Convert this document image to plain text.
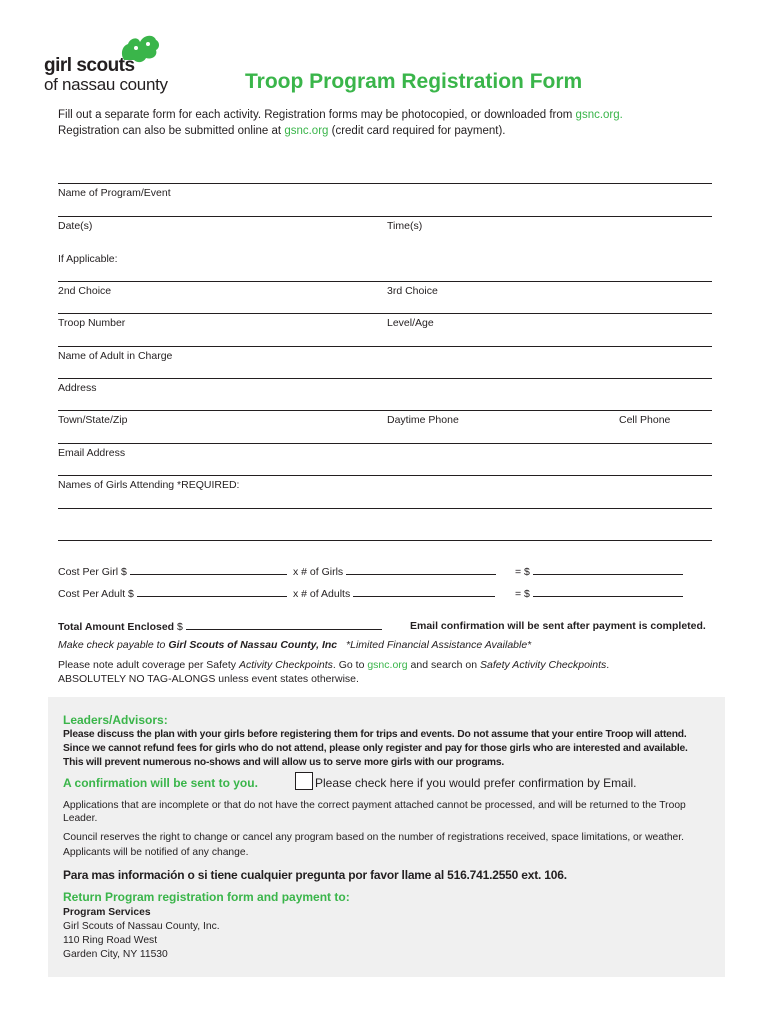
girl scouts
of nassau county	Troop Program Registration Form
Fill out a separate form for each activity. Registration forms may be photocopied, or downloaded from gsnc.org.
Registration can also be submitted online at gsnc.org (credit card required for payment).
Name of Program/Event
Date(s)	Time(s)
If Applicable:
2nd Choice	3rd Choice
Troop Number	Level/Age
Name of Adult in Charge
Address
Town/State/Zip	Daytime Phone	Cell Phone
Email Address
Names of Girls Attending *REQUIRED:
Cost Per Girl $	x # of Girls	= $
Cost Per Adult $	x # of Adults	= $
Total Amount Enclosed $	Email confirmation will be sent after payment is completed.
Make check payable to Girl Scouts of Nassau County, Inc *Limited Financial Assistance Available*
Please note adult coverage per Safety Activity Checkpoints. Go to gsnc.org and search on Safety Activity Checkpoints.
ABSOLUTELY NO TAG-ALONGS unless event states otherwise.
Leaders/Advisors:
Please discuss the plan with your girls before registering them for trips and events. Do not assume that your entire Troop will attend.
Since we cannot refund fees for girls who do not attend, please only register and pay for those girls who are interested and available.
This will prevent numerous no-shows and will allow us to serve more girls with our programs.
A confirmation will be sent to you.	Please check here if you would prefer confirmation by Email.
Applications that are incomplete or that do not have the correct payment attached cannot be processed, and will be returned to the Troop
Leader.
Council reserves the right to change or cancel any program based on the number of registrations received, space limitations, or weather.
Applicants will be notified of any change.
Para mas información o si tiene cualquier pregunta por favor llame al 516.741.2550 ext. 106.
Return Program registration form and payment to:
Program Services
Girl Scouts of Nassau County, Inc.
110 Ring Road West
Garden City, NY 11530
